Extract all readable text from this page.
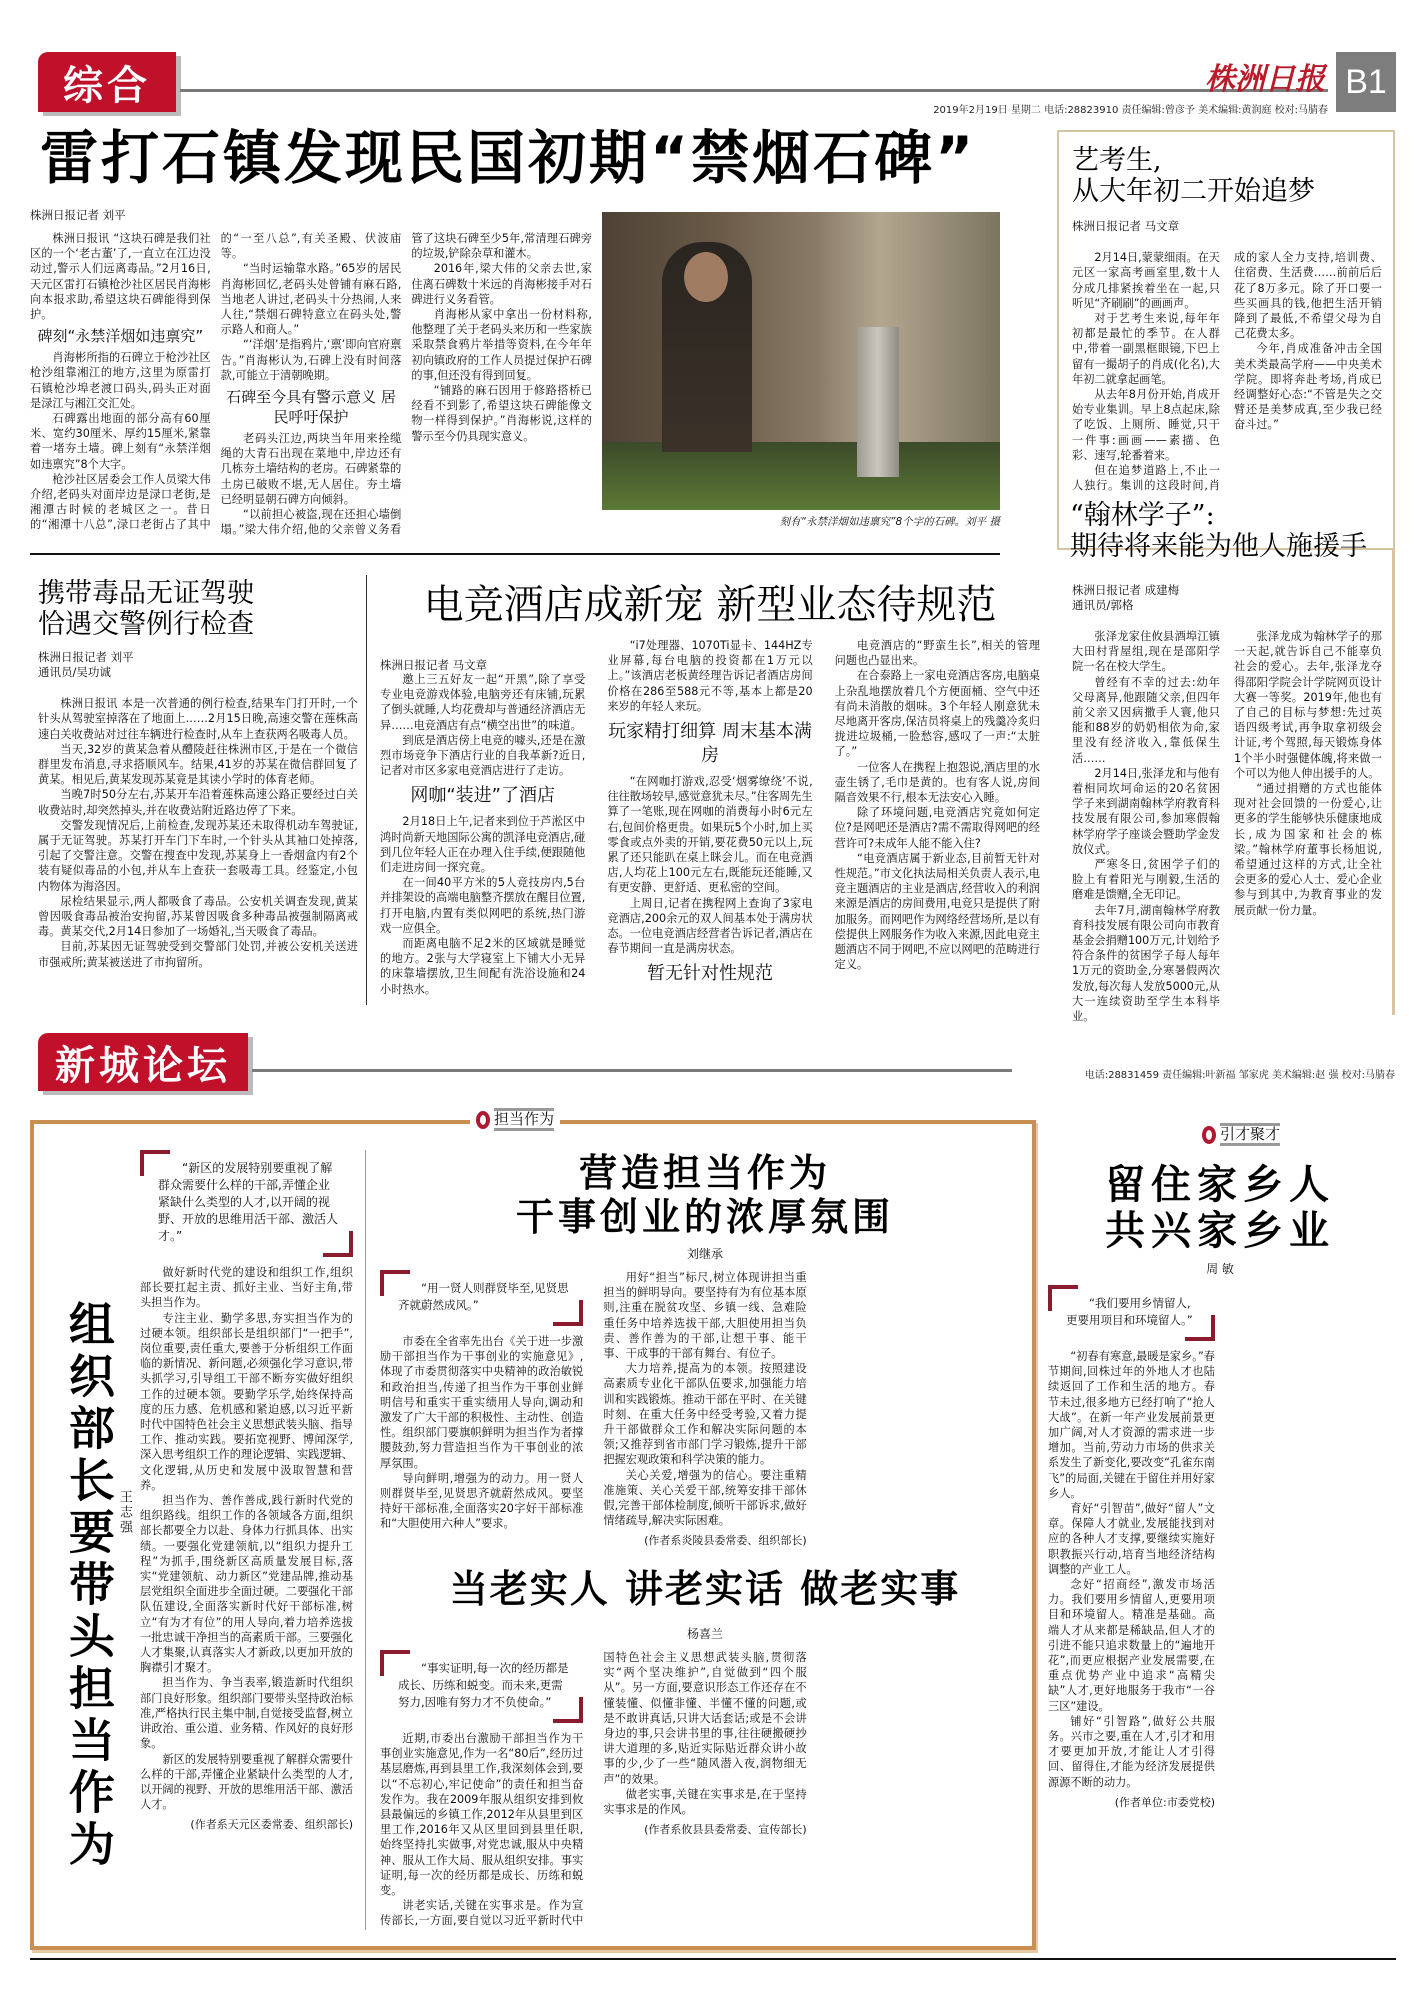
综合	株洲日报 B1
2019年2月19日 星期二 电话:28823910 责任编辑:曾彦予 美术编辑:黄润庭 校对:马腈春
雷打石镇发现民国初期“禁烟石碑”
株洲日报记者 刘平

株洲日报讯 “这块石碑是我们社区的一个‘老古董’了,一直立在江边没动过,警示人们远离毒品。”2月16日,天元区雷打石镇枪沙社区居民肖海彬向本报求助,希望这块石碑能得到保护。

碑刻“永禁洋烟如违禀究”

肖海彬所指的石碑立于枪沙社区枪沙组靠湘江的地方,这里为原雷打石镇枪沙埠老渡口码头,码头正对面是渌江与湘江交汇处。

石碑露出地面的部分高有60厘米、宽约30厘米、厚约15厘米,紧靠着一堵夯土墙。碑上刻有“永禁洋烟如违禀究”8个大字。

枪沙社区居委会工作人员梁大伟介绍,老码头对面岸边是渌口老街,是湘潭古时候的老城区之一。昔日的“湘潭十八总”,渌口老街占了其中的“一至八总”,有关圣殿、伏波庙等。

“当时运输靠水路。”65岁的居民肖海彬回忆,老码头处曾铺有麻石路,当地老人讲过,老码头十分热闹,人来人往,“禁烟石碑特意立在码头处,警示路人和商人。”

“‘洋烟’是指鸦片,‘禀’即向官府禀告。”肖海彬认为,石碑上没有时间落款,可能立于清朝晚期。

石碑至今具有警示意义 居民呼吁保护

老码头江边,两块当年用来拴缆绳的大青石出现在菜地中,岸边还有几栋夯土墙结构的老房。石碑紧靠的土房已破败不堪,无人居住。夯土墙已经明显朝石碑方向倾斜。

“以前担心被盗,现在还担心墙倒塌。”梁大伟介绍,他的父亲曾义务看管了这块石碑至少5年,常清理石碑旁的垃圾,铲除杂草和灌木。

2016年,梁大伟的父亲去世,家住离石碑数十米远的肖海彬接手对石碑进行义务看管。

肖海彬从家中拿出一份材料称,他整理了关于老码头来历和一些家族采取禁食鸦片举措等资料,在今年年初向镇政府的工作人员提过保护石碑的事,但还没有得到回复。

“铺路的麻石因用于修路搭桥已经看不到影了,希望这块石碑能像文物一样得到保护。”肖海彬说,这样的警示至今仍具现实意义。

刻有“永禁洋烟如违禀究”8个字的石碑。刘平 摄
艺考生,
从大年初二开始追梦
株洲日报记者 马文章

2月14日,蒙蒙细雨。在天元区一家高考画室里,数十人分成几排紧挨着坐在一起,只听见“齐刷刷”的画画声。

对于艺考生来说,每年年初都是最忙的季节。在人群中,带着一副黑框眼镜,下巴上留有一撮胡子的肖成(化名),大年初二就拿起画笔。

从去年8月份开始,肖成开始专业集训。早上8点起床,除了吃饭、上厕所、睡觉,只干一件事:画画——素描、色彩、速写,轮番着来。

但在追梦道路上,不止一人独行。集训的这段时间,肖成的家人全力支持,培训费、住宿费、生活费……前前后后花了8万多元。除了开口要一些买画具的钱,他把生活开销降到了最低,不希望父母为自己花费太多。

今年,肖成准备冲击全国美术类最高学府——中央美术学院。即将奔赴考场,肖成已经调整好心态:“不管是失之交臂还是美梦成真,至少我已经奋斗过。”

“翰林学子”:
期待将来能为他人施援手
株洲日报记者 成建梅
通讯员/郭格

张泽龙家住攸县酒埠江镇大田村背屋组,现在是邵阳学院一名在校大学生。

曾经有不幸的过去:幼年父母离异,他跟随父亲,但四年前父亲又因病撒手人寰,他只能和88岁的奶奶相依为命,家里没有经济收入,靠低保生活……

2月14日,张泽龙和与他有着相同坎坷命运的20名贫困学子来到湖南翰林学府教育科技发展有限公司,参加寒假翰林学府学子座谈会暨助学金发放仪式。

严寒冬日,贫困学子们的脸上有着阳光与刚毅,生活的磨难是馈赠,全无印记。

去年7月,湖南翰林学府教育科技发展有限公司向市教育基金会捐赠100万元,计划给予符合条件的贫困学子每人每年1万元的资助金,分寒暑假两次发放,每次每人发放5000元,从大一连续资助至学生本科毕业。

张泽龙成为翰林学子的那一天起,就告诉自己不能辜负社会的爱心。去年,张泽龙夺得邵阳学院会计学院网页设计大赛一等奖。2019年,他也有了自己的目标与梦想:先过英语四级考试,再争取拿初级会计证,考个驾照,每天锻炼身体1个半小时强健体魄,将来做一个可以为他人伸出援手的人。

“通过捐赠的方式也能体现对社会回馈的一份爱心,让更多的学生能够快乐健康地成长,成为国家和社会的栋梁。”翰林学府董事长杨旭说,希望通过这样的方式,让全社会更多的爱心人士、爱心企业参与到其中,为教育事业的发展贡献一份力量。

携带毒品无证驾驶
恰遇交警例行检查
株洲日报记者 刘平
通讯员/吴功诚

株洲日报讯 本是一次普通的例行检查,结果车门打开时,一个针头从驾驶室掉落在了地面上……2月15日晚,高速交警在莲株高速白关收费站对过往车辆进行检查时,从车上查获两名吸毒人员。

当天,32岁的黄某急着从醴陵赶往株洲市区,于是在一个微信群里发布消息,寻求搭顺风车。结果,41岁的苏某在微信群回复了黄某。相见后,黄某发现苏某竟是其读小学时的体育老师。

当晚7时50分左右,苏某开车沿着莲株高速公路正要经过白关收费站时,却突然掉头,并在收费站附近路边停了下来。

交警发现情况后,上前检查,发现苏某还未取得机动车驾驶证,属于无证驾驶。苏某打开车门下车时,一个针头从其袖口处掉落,引起了交警注意。交警在搜查中发现,苏某身上一香烟盒内有2个装有疑似毒品的小包,并从车上查获一套吸毒工具。经鉴定,小包内物体为海洛因。

尿检结果显示,两人都吸食了毒品。公安机关调查发现,黄某曾因吸食毒品被治安拘留,苏某曾因吸食多种毒品被强制隔离戒毒。黄某交代,2月14日参加了一场婚礼,当天吸食了毒品。

目前,苏某因无证驾驶受到交警部门处罚,并被公安机关送进市强戒所;黄某被送进了市拘留所。

电竞酒店成新宠 新型业态待规范
株洲日报记者 马文章

邀上三五好友一起“开黑”,除了享受专业电竞游戏体验,电脑旁还有床铺,玩累了倒头就睡,人均花费却与普通经济酒店无异……电竞酒店有点“横空出世”的味道。

到底是酒店傍上电竞的噱头,还是在激烈市场竞争下酒店行业的自我革新?近日,记者对市区多家电竞酒店进行了走访。

网咖“装进”了酒店

2月18日上午,记者来到位于芦淞区中鸿时尚新天地国际公寓的凯泽电竞酒店,碰到几位年轻人正在办理入住手续,便跟随他们走进房间一探究竟。

在一间40平方米的5人竞技房内,5台并排架设的高端电脑整齐摆放在醒目位置,打开电脑,内置有类似网吧的系统,热门游戏一应俱全。

而距离电脑不足2米的区域就是睡觉的地方。2张与大学寝室上下铺大小无异的床靠墙摆放,卫生间配有洗浴设施和24小时热水。

“i7处理器、1070Ti显卡、144HZ专业屏幕,每台电脑的投资都在1万元以上。”该酒店老板黄经理告诉记者酒店房间价格在286至588元不等,基本上都是20来岁的年轻人来玩。

玩家精打细算 周末基本满房

“在网咖打游戏,忍受‘烟雾缭绕’不说,往往散场较早,感觉意犹未尽。”住客周先生算了一笔账,现在网咖的消费每小时6元左右,包间价格更贵。如果玩5个小时,加上买零食或点外卖的开销,要花费50元以上,玩累了还只能趴在桌上眯会儿。而在电竞酒店,人均花上100元左右,既能玩还能睡,又有更安静、更舒适、更私密的空间。

上周日,记者在携程网上查询了3家电竞酒店,200余元的双人间基本处于满房状态。一位电竞酒店经营者告诉记者,酒店在春节期间一直是满房状态。

暂无针对性规范

电竞酒店的“野蛮生长”,相关的管理问题也凸显出来。

在合泰路上一家电竞酒店客房,电脑桌上杂乱地摆放着几个方便面桶、空气中还有尚未消散的烟味。3个年轻人刚意犹未尽地离开客房,保洁员将桌上的残羹冷炙归拢进垃圾桶,一脸愁容,感叹了一声:“太脏了。”

一位客人在携程上抱怨说,酒店里的水壶生锈了,毛巾是黄的。也有客人说,房间隔音效果不行,根本无法安心入睡。

除了环境问题,电竞酒店究竟如何定位?是网吧还是酒店?需不需取得网吧的经营许可?未成年人能不能入住?

“电竞酒店属于新业态,目前暂无针对性规范。”市文化执法局相关负责人表示,电竞主题酒店的主业是酒店,经营收入的利润来源是酒店的房间费用,电竞只是提供了附加服务。而网吧作为网络经营场所,是以有偿提供上网服务作为收入来源,因此电竞主题酒店不同于网吧,不应以网吧的范畴进行定义。

新城论坛	电话:28831459 责任编辑:叶新福 邹家虎 美术编辑:赵 强 校对:马腈春
担当作为
引才聚才
组织部长要带头担当作为 王志强
“新区的发展特别要重视了解群众需要什么样的干部,弄懂企业紧缺什么类型的人才,以开阔的视野、开放的思维用活干部、激活人才。”

做好新时代党的建设和组织工作,组织部长要扛起主责、抓好主业、当好主角,带头担当作为。

专注主业、勤学多思,夯实担当作为的过硬本领。组织部长是组织部门“一把手”,岗位重要,责任重大,要善于分析组织工作面临的新情况、新问题,必须强化学习意识,带头抓学习,引导组工干部不断夯实做好组织工作的过硬本领。要勤学乐学,始终保持高度的压力感、危机感和紧迫感,以习近平新时代中国特色社会主义思想武装头脑、指导工作、推动实践。要拓宽视野、博闻深学,深入思考组织工作的理论逻辑、实践逻辑、文化逻辑,从历史和发展中汲取智慧和营养。

担当作为、善作善成,践行新时代党的组织路线。组织工作的各领域各方面,组织部长都要全力以赴、身体力行抓具体、出实绩。一要强化党建领航,以“组织力提升工程”为抓手,围绕新区高质量发展目标,落实“党建领航、动力新区”党建品牌,推动基层党组织全面进步全面过硬。二要强化干部队伍建设,全面落实新时代好干部标准,树立“有为才有位”的用人导向,着力培养选拔一批忠诚干净担当的高素质干部。三要强化人才集聚,认真落实人才新政,以更加开放的胸襟引才聚才。

担当作为、争当表率,锻造新时代组织部门良好形象。组织部门要带头坚持政治标准,严格执行民主集中制,自觉接受监督,树立讲政治、重公道、业务精、作风好的良好形象。

新区的发展特别要重视了解群众需要什么样的干部,弄懂企业紧缺什么类型的人才,以开阔的视野、开放的思维用活干部、激活人才。

(作者系天元区委常委、组织部长)
营造担当作为
干事创业的浓厚氛围
刘继承
“用一贤人则群贤毕至,见贤思齐就蔚然成风。”

市委在全省率先出台《关于进一步激励干部担当作为干事创业的实施意见》,体现了市委贯彻落实中央精神的政治敏锐和政治担当,传递了担当作为干事创业鲜明信号和重实干重实绩用人导向,调动和激发了广大干部的积极性、主动性、创造性。组织部门要旗帜鲜明为担当作为者撑腰鼓劲,努力营造担当作为干事创业的浓厚氛围。

导向鲜明,增强为的动力。用一贤人则群贤毕至,见贤思齐就蔚然成风。要坚持好干部标准,全面落实20字好干部标准和“大胆使用六种人”要求。

用好“担当”标尺,树立体现讲担当重担当的鲜明导向。要坚持有为有位基本原则,注重在脱贫攻坚、乡镇一线、急难险重任务中培养选拔干部,大胆使用担当负责、善作善为的干部,让想干事、能干事、干成事的干部有舞台、有位子。

大力培养,提高为的本领。按照建设高素质专业化干部队伍要求,加强能力培训和实践锻炼。推动干部在平时、在关键时刻、在重大任务中经受考验,又着力提升干部做群众工作和解决实际问题的本领;又推荐到省市部门学习锻炼,提升干部把握宏观政策和科学决策的能力。

关心关爱,增强为的信心。要注重精准施策、关心关爱干部,统筹安排干部休假,完善干部体检制度,倾听干部诉求,做好情绪疏导,解决实际困难。

(作者系炎陵县委常委、组织部长)
当老实人 讲老实话 做老实事
杨喜兰
“事实证明,每一次的经历都是成长、历练和蜕变。而未来,更需努力,因唯有努力才不负使命。”

近期,市委出台激励干部担当作为干事创业实施意见,作为一名“80后”,经历过基层磨炼,再到县里工作,我深刻体会到,要以“不忘初心,牢记使命”的责任和担当奋发作为。我在2009年服从组织安排到攸县最偏远的乡镇工作,2012年从县里到区里工作,2016年又从区里回到县里任职,始终坚持扎实做事,对党忠诚,服从中央精神、服从工作大局、服从组织安排。事实证明,每一次的经历都是成长、历练和蜕变。

讲老实话,关键在实事求是。作为宣传部长,一方面,要自觉以习近平新时代中国特色社会主义思想武装头脑,贯彻落实“两个坚决维护”,自觉做到“四个服从”。另一方面,要意识形态工作还存在不懂装懂、似懂非懂、半懂不懂的问题,或是不敢讲真话,只讲大话套话;或是不会讲身边的事,只会讲书里的事,往往硬搬硬抄讲大道理的多,贴近实际贴近群众讲小故事的少,少了一些“随风潜入夜,润物细无声”的效果。

做老实事,关键在实事求是,在于坚持实事求是的作风。

(作者系攸县县委常委、宣传部长)
留住家乡人
共兴家乡业
周 敏
“我们要用乡情留人,更要用项目和环境留人。”

“初春有寒意,最暖是家乡。”春节期间,回株过年的外地人才也陆续返回了工作和生活的地方。春节未过,很多地方已经打响了“抢人大战”。在新一年产业发展前景更加广阔,对人才资源的需求进一步增加。当前,劳动力市场的供求关系发生了新变化,要改变“孔雀东南飞”的局面,关键在于留住并用好家乡人。

育好“引智苗”,做好“留人”文章。保障人才就业,发展能找到对应的各种人才支撑,要继续实施好职教振兴行动,培育当地经济结构调整的产业工人。

念好“招商经”,激发市场活力。我们要用乡情留人,更要用项目和环境留人。精准是基础。高端人才从来都是稀缺品,但人才的引进不能只追求数量上的“遍地开花”,而更应根据产业发展需要,在重点优势产业中追求“高精尖缺”人才,更好地服务于我市“一谷三区”建设。

铺好“引智路”,做好公共服务。兴市之要,重在人才,引才和用才要更加开放,才能让人才引得回、留得住,才能为经济发展提供源源不断的动力。

(作者单位:市委党校)
